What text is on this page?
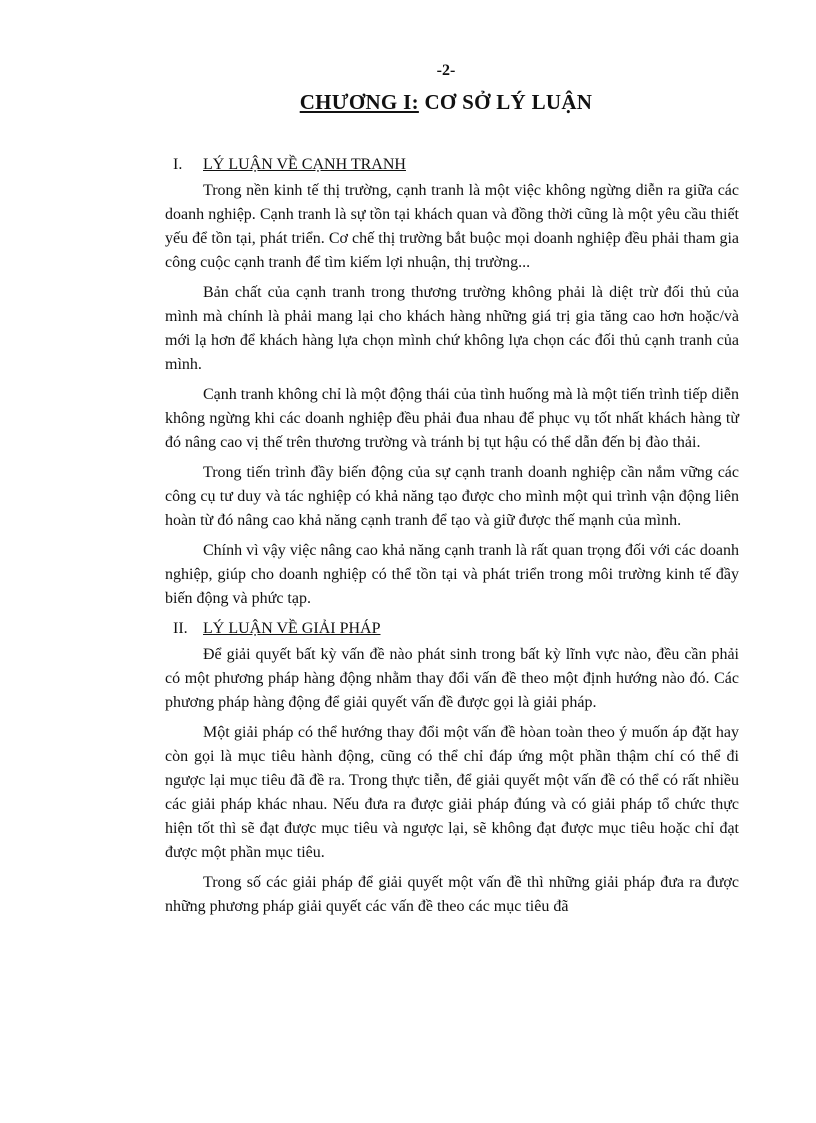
-2-
CHƯƠNG I: CƠ SỞ LÝ LUẬN
I. LÝ LUẬN VỀ CẠNH TRANH

Trong nền kinh tế thị trường, cạnh tranh là một việc không ngừng diễn ra giữa các doanh nghiệp. Cạnh tranh là sự tồn tại khách quan và đồng thời cũng là một yêu cầu thiết yếu để tồn tại, phát triển. Cơ chế thị trường bắt buộc mọi doanh nghiệp đều phải tham gia công cuộc cạnh tranh để tìm kiếm lợi nhuận, thị trường...

Bản chất của cạnh tranh trong thương trường không phải là diệt trừ đối thủ của mình mà chính là phải mang lại cho khách hàng những giá trị gia tăng cao hơn hoặc/và mới lạ hơn để khách hàng lựa chọn mình chứ không lựa chọn các đối thủ cạnh tranh của mình.

Cạnh tranh không chỉ là một động thái của tình huống mà là một tiến trình tiếp diễn không ngừng khi các doanh nghiệp đều phải đua nhau để phục vụ tốt nhất khách hàng từ đó nâng cao vị thế trên thương trường và tránh bị tụt hậu có thể dẫn đến bị đào thải.

Trong tiến trình đầy biến động của sự cạnh tranh doanh nghiệp cần nắm vững các công cụ tư duy và tác nghiệp có khả năng tạo được cho mình một qui trình vận động liên hoàn từ đó nâng cao khả năng cạnh tranh để tạo và giữ được thế mạnh của mình.

Chính vì vậy việc nâng cao khả năng cạnh tranh là rất quan trọng đối với các doanh nghiệp, giúp cho doanh nghiệp có thể tồn tại và phát triển trong môi trường kinh tế đầy biến động và phức tạp.

II. LÝ LUẬN VỀ GIẢI PHÁP

Để giải quyết bất kỳ vấn đề nào phát sinh trong bất kỳ lĩnh vực nào, đều cần phải có một phương pháp hàng động nhằm thay đổi vấn đề theo một định hướng nào đó. Các phương pháp hàng động để giải quyết vấn đề được gọi là giải pháp.

Một giải pháp có thể hướng thay đổi một vấn đề hòan toàn theo ý muốn áp đặt hay còn gọi là mục tiêu hành động, cũng có thể chỉ đáp ứng một phần thậm chí có thể đi ngược lại mục tiêu đã đề ra. Trong thực tiễn, để giải quyết một vấn đề có thể có rất nhiều các giải pháp khác nhau. Nếu đưa ra được giải pháp đúng và có giải pháp tổ chức thực hiện tốt thì sẽ đạt được mục tiêu và ngược lại, sẽ không đạt được mục tiêu hoặc chỉ đạt được một phần mục tiêu.

Trong số các giải pháp để giải quyết một vấn đề thì những giải pháp đưa ra được những phương pháp giải quyết các vấn đề theo các mục tiêu đã
